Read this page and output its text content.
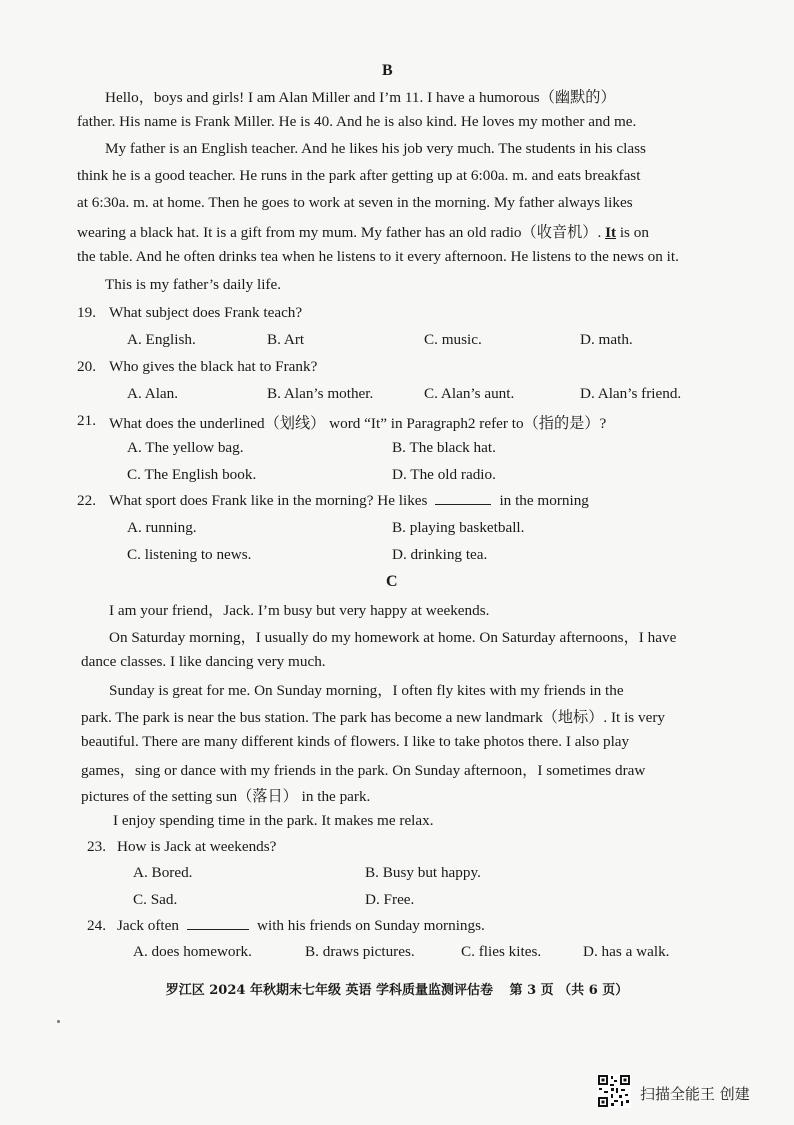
B
Hello，boys and girls! I am Alan Miller and I’m 11. I have a humorous（幽默的）
father. His name is Frank Miller. He is 40. And he is also kind. He loves my mother and me.
My father is an English teacher. And he likes his job very much. The students in his class
think he is a good teacher. He runs in the park after getting up at 6:00a. m. and eats breakfast
at 6:30a. m. at home. Then he goes to work at seven in the morning. My father always likes
wearing a black hat. It is a gift from my mum. My father has an old radio（收音机）. It is on
the table. And he often drinks tea when he listens to it every afternoon. He listens to the news on it.
This is my father’s daily life.
19. What subject does Frank teach?
A. English.	B. Art	C. music.	D. math.
20. Who gives the black hat to Frank?
A. Alan.	B. Alan’s mother.	C. Alan’s aunt.	D. Alan’s friend.
21. What does the underlined（划线） word “It” in Paragraph2 refer to（指的是）?
A. The yellow bag.	B. The black hat.
C. The English book.	D. The old radio.
22. What sport does Frank like in the morning? He likes	in the morning
A. running.	B. playing basketball.
C. listening to news.	D. drinking tea.
C
I am your friend，Jack. I’m busy but very happy at weekends.
On Saturday morning，I usually do my homework at home. On Saturday afternoons，I have
dance classes. I like dancing very much.
Sunday is great for me. On Sunday morning，I often fly kites with my friends in the
park. The park is near the bus station. The park has become a new landmark（地标）. It is very
beautiful. There are many different kinds of flowers. I like to take photos there. I also play
games，sing or dance with my friends in the park. On Sunday afternoon，I sometimes draw
pictures of the setting sun（落日） in the park.
I enjoy spending time in the park. It makes me relax.
23. How is Jack at weekends?
A. Bored.	B. Busy but happy.
C. Sad.	D. Free.
24. Jack often	with his friends on Sunday mornings.
A. does homework.	B. draws pictures.	C. flies kites.	D. has a walk.
罗江区 2024 年秋期末七年级 英语 学科质量监测评估卷 第 3 页 （共 6 页）
扫描全能王 创建
